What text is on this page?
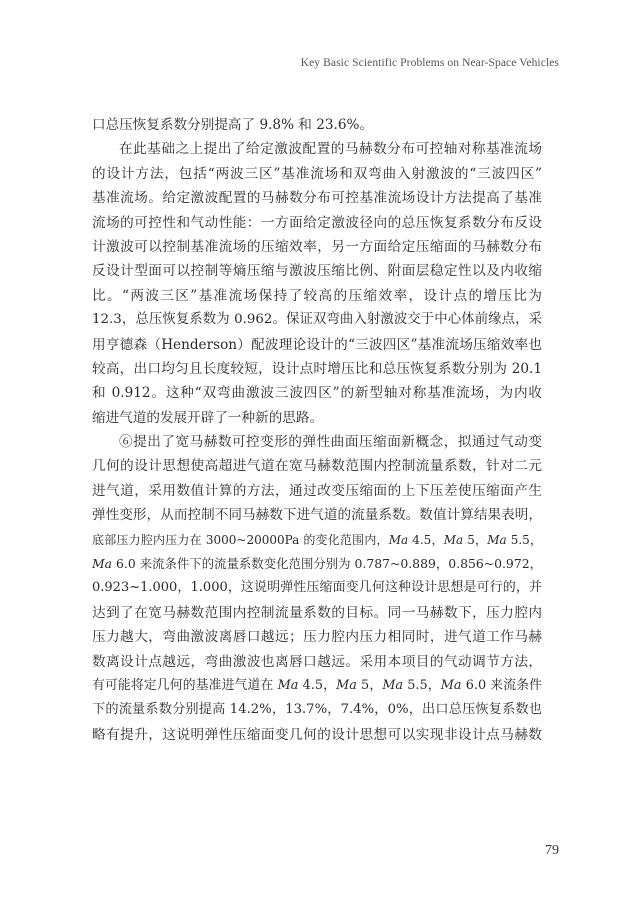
Key Basic Scientific Problems on Near-Space Vehicles
口总压恢复系数分别提高了 9.8% 和 23.6%。
在此基础之上提出了给定激波配置的马赫数分布可控轴对称基准流场
的设计方法，包括“两波三区”基准流场和双弯曲入射激波的“三波四区”
基准流场。给定激波配置的马赫数分布可控基准流场设计方法提高了基准
流场的可控性和气动性能：一方面给定激波径向的总压恢复系数分布反设
计激波可以控制基准流场的压缩效率，另一方面给定压缩面的马赫数分布
反设计型面可以控制等熵压缩与激波压缩比例、附面层稳定性以及内收缩
比。“两波三区”基准流场保持了较高的压缩效率，设计点的增压比为
12.3，总压恢复系数为 0.962。保证双弯曲入射激波交于中心体前缘点，采
用亨德森（Henderson）配波理论设计的“三波四区”基准流场压缩效率也
较高，出口均匀且长度较短，设计点时增压比和总压恢复系数分别为 20.1
和 0.912。这种“双弯曲激波三波四区”的新型轴对称基准流场，为内收
缩进气道的发展开辟了一种新的思路。
⑥提出了宽马赫数可控变形的弹性曲面压缩面新概念，拟通过气动变
几何的设计思想使高超进气道在宽马赫数范围内控制流量系数，针对二元
进气道，采用数值计算的方法，通过改变压缩面的上下压差使压缩面产生
弹性变形，从而控制不同马赫数下进气道的流量系数。数值计算结果表明，
底部压力腔内压力在 3000~20000Pa 的变化范围内，Ma 4.5，Ma 5，Ma 5.5，
Ma 6.0 来流条件下的流量系数变化范围分别为 0.787~0.889，0.856~0.972，
0.923~1.000，1.000，这说明弹性压缩面变几何这种设计思想是可行的，并
达到了在宽马赫数范围内控制流量系数的目标。同一马赫数下，压力腔内
压力越大，弯曲激波离唇口越远；压力腔内压力相同时，进气道工作马赫
数离设计点越远，弯曲激波也离唇口越远。采用本项目的气动调节方法，
有可能将定几何的基准进气道在 Ma 4.5，Ma 5，Ma 5.5，Ma 6.0 来流条件
下的流量系数分别提高 14.2%，13.7%，7.4%，0%，出口总压恢复系数也
略有提升，这说明弹性压缩面变几何的设计思想可以实现非设计点马赫数
79
